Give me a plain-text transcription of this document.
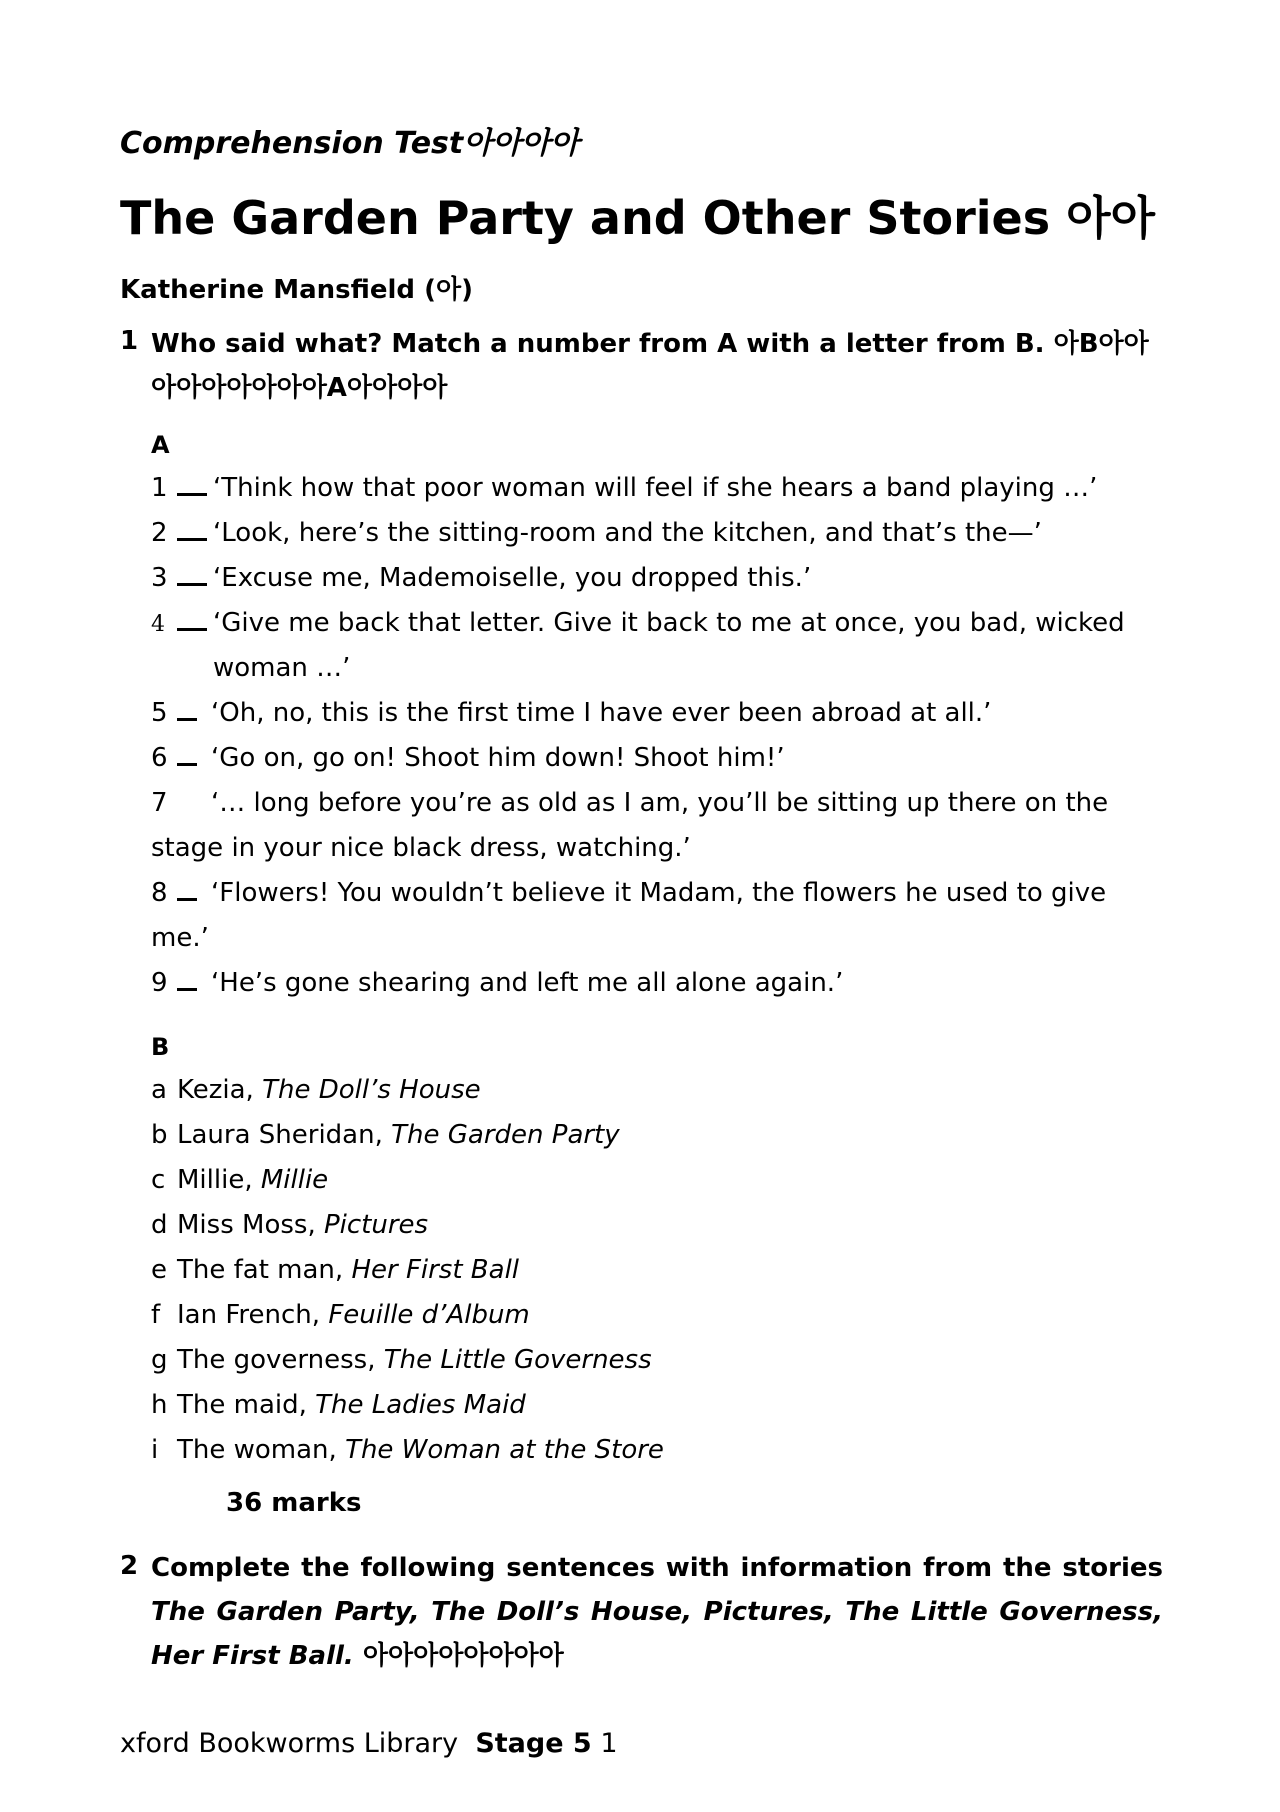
Comprehension Test아아아아
The Garden Party and Other Stories 아아
Katherine Mansfield (아)
1 Who said what? Match a number from A with a letter from B. 아B아아
아아아아아아아A아아아아
A
1 ‘Think how that poor woman will feel if she hears a band playing …’
2 ‘Look, here’s the sitting-room and the kitchen, and that’s the—’
3 ‘Excuse me, Mademoiselle, you dropped this.’
4 ‘Give me back that letter. Give it back to me at once, you bad, wicked
woman …’
5 ‘Oh, no, this is the first time I have ever been abroad at all.’
6 ‘Go on, go on! Shoot him down! Shoot him!’
7 ‘… long before you’re as old as I am, you’ll be sitting up there on the
stage in your nice black dress, watching.’
8 ‘Flowers! You wouldn’t believe it Madam, the flowers he used to give
me.’
9 ‘He’s gone shearing and left me all alone again.’
B
a Kezia, The Doll’s House
b Laura Sheridan, The Garden Party
c Millie, Millie
d Miss Moss, Pictures
e The fat man, Her First Ball
f Ian French, Feuille d’Album
g The governess, The Little Governess
h The maid, The Ladies Maid
i The woman, The Woman at the Store
36 marks
2 Complete the following sentences with information from the stories The Garden Party, The Doll’s House, Pictures, The Little Governess, Her First Ball. 아아아아아아아아
xford Bookworms Library Stage 5 1
